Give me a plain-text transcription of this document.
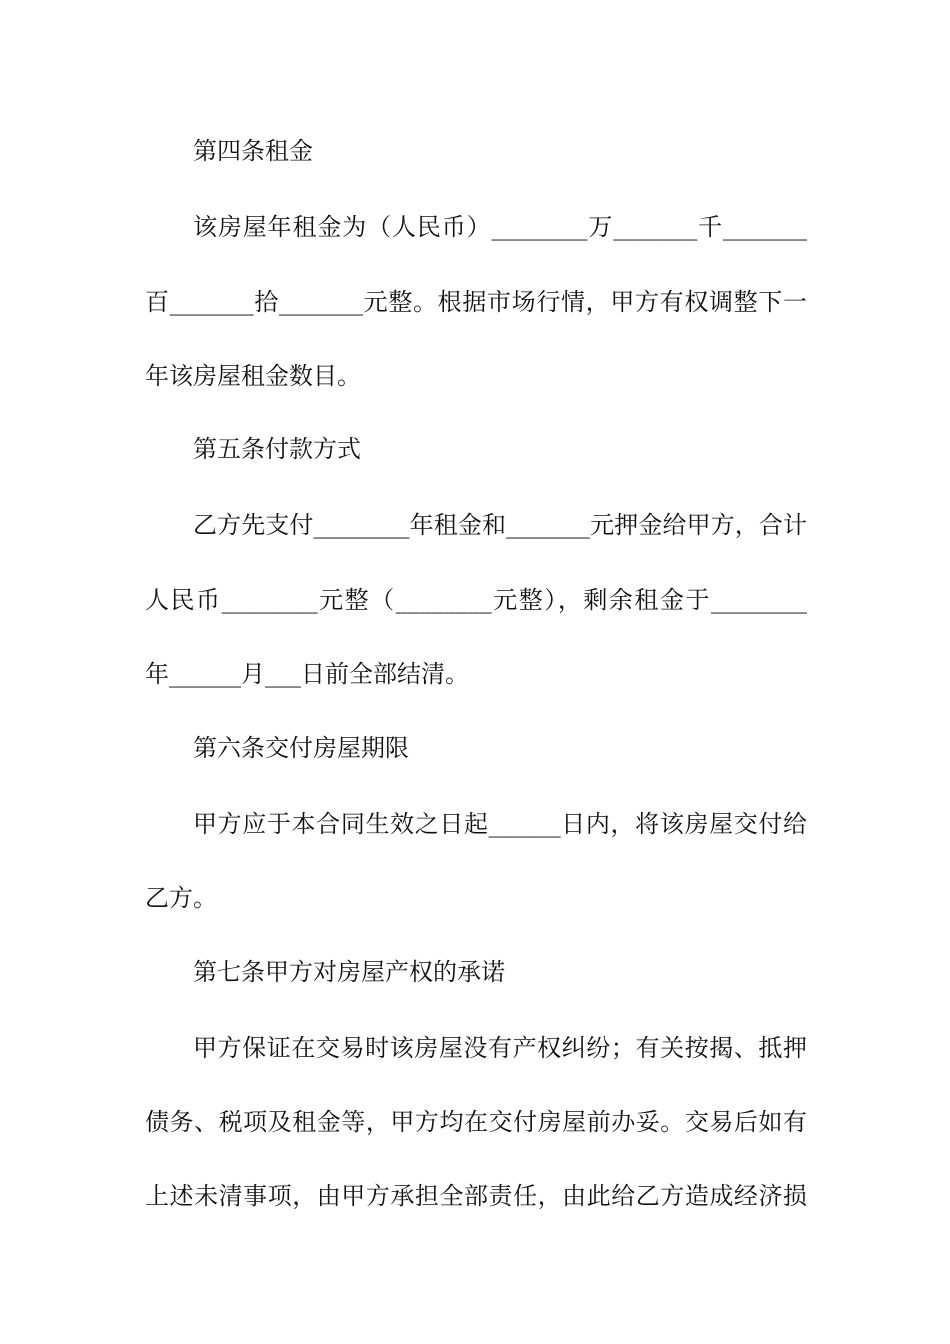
第四条租金
该房屋年租金为（人民币）________万_______千_______
百_______拾_______元整。根据市场行情，甲方有权调整下一
年该房屋租金数目。
第五条付款方式
乙方先支付________年租金和_______元押金给甲方，合计
人民币________元整（________元整），剩余租金于________
年______月___日前全部结清。
第六条交付房屋期限
甲方应于本合同生效之日起______日内，将该房屋交付给
乙方。
第七条甲方对房屋产权的承诺
甲方保证在交易时该房屋没有产权纠纷；有关按揭、抵押
债务、税项及租金等，甲方均在交付房屋前办妥。交易后如有
上述未清事项，由甲方承担全部责任，由此给乙方造成经济损
